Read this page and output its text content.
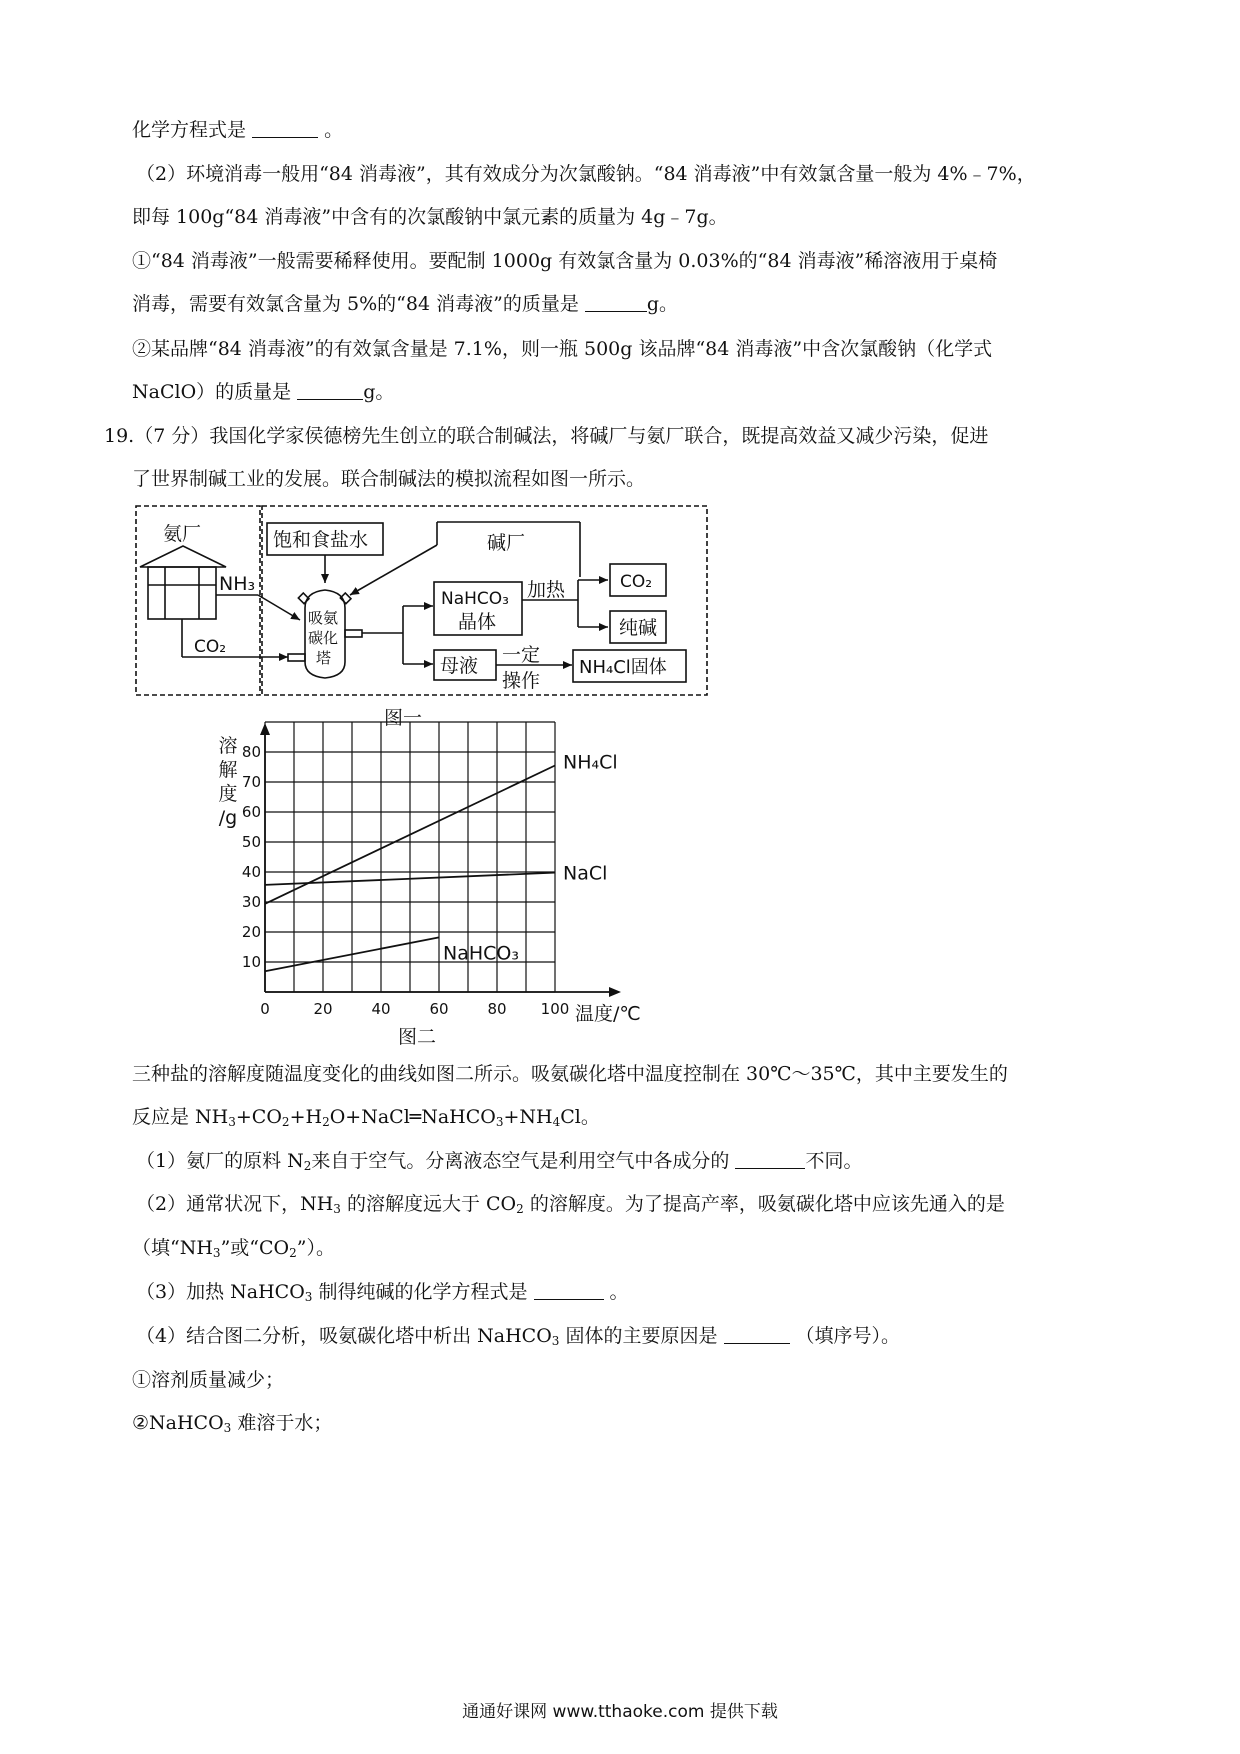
化学方程式是	。
（2）环境消毒一般用“84 消毒液”，其有效成分为次氯酸钠。“84 消毒液”中有效氯含量一般为 4%﹣7%，
即每 100g“84 消毒液”中含有的次氯酸钠中氯元素的质量为 4g﹣7g。
①“84 消毒液”一般需要稀释使用。要配制 1000g 有效氯含量为 0.03%的“84 消毒液”稀溶液用于桌椅
消毒，需要有效氯含量为 5%的“84 消毒液”的质量是	g。
②某品牌“84 消毒液”的有效氯含量是 7.1%，则一瓶 500g 该品牌“84 消毒液”中含次氯酸钠（化学式
NaClO）的质量是	g。
19.（7 分）我国化学家侯德榜先生创立的联合制碱法，将碱厂与氨厂联合，既提高效益又减少污染，促进
了世界制碱工业的发展。联合制碱法的模拟流程如图一所示。
氨厂	碱厂
饱和食盐水
NH₃
CO₂
吸氨
碳化
塔
NaHCO₃
晶体
加热	CO₂
纯碱
母液 一定
操作
NH₄Cl固体
图一
10
20
30
40
50
60
70
80
0	20	40	60	80 100
溶
解
度
/g
温度/℃
NH₄Cl
NaCl
NaHCO₃
图二
三种盐的溶解度随温度变化的曲线如图二所示。吸氨碳化塔中温度控制在 30℃～35℃，其中主要发生的
反应是 $NH_3+CO_2+H_2O+NaCl═NaHCO_3+NH_4Cl$。
（1）氨厂的原料 $N_2$来自于空气。分离液态空气是利用空气中各成分的	不同。
（2）通常状况下，$NH_3$ 的溶解度远大于 $CO_2$ 的溶解度。为了提高产率，吸氨碳化塔中应该先通入的是
（填“$NH_3$”或“$CO_2$”）。
（3）加热 NaHCO$_3$ 制得纯碱的化学方程式是	。
（4）结合图二分析，吸氨碳化塔中析出 NaHCO$_3$ 固体的主要原因是	（填序号）。
①溶剂质量减少；
②NaHCO$_3$ 难溶于水；
通通好课网 www.tthaoke.com 提供下载
